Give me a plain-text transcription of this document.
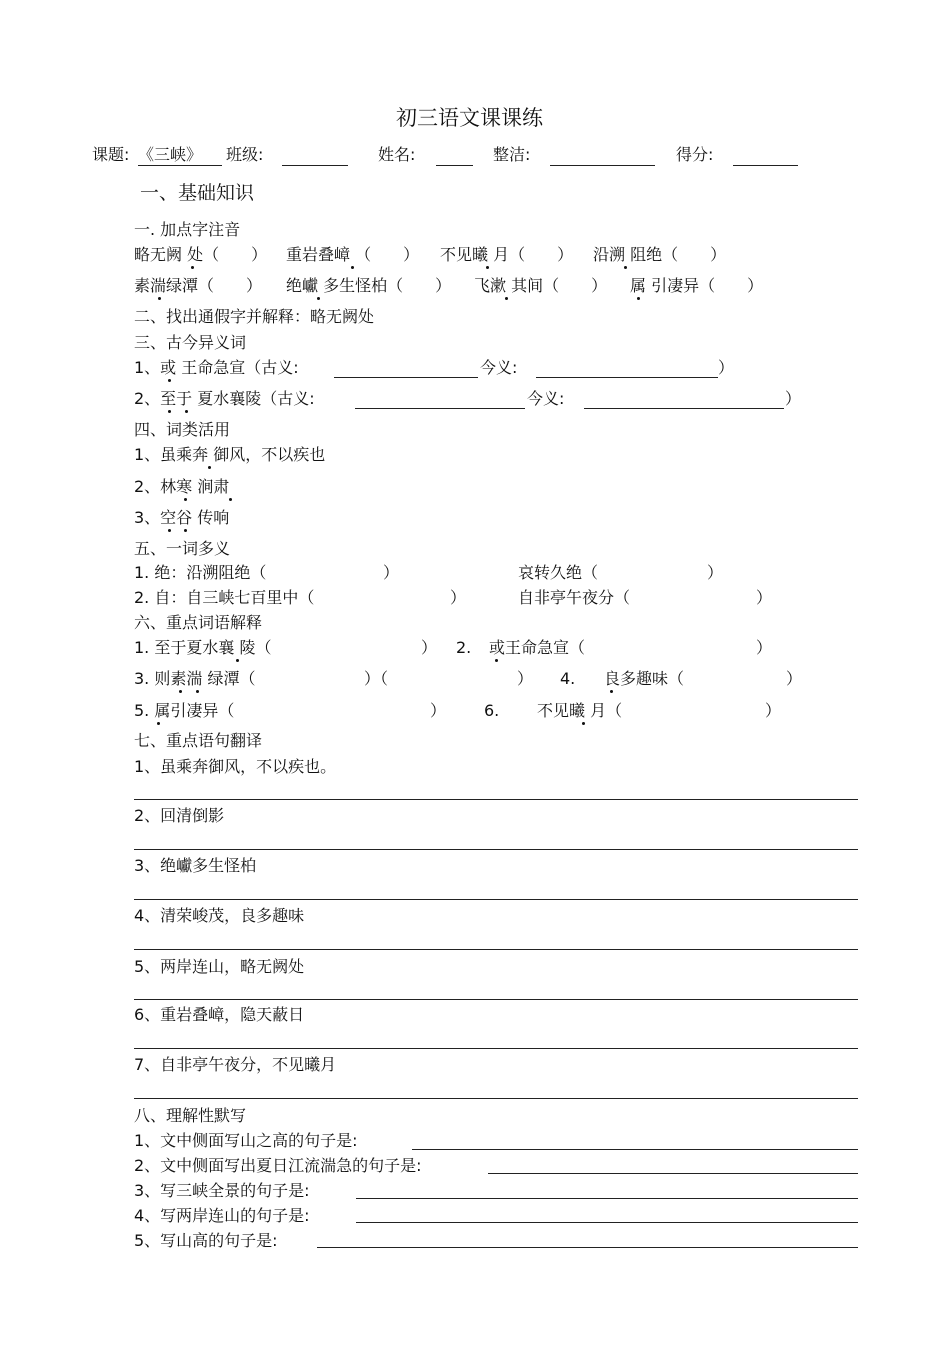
初三语文课课练
课题: 《三峡》 班级:	姓名:	整洁:	得分:
一、基础知识
一. 加点字注音
略无阙 处（　　） 重岩叠嶂 （　　） 不见曦 月（　　） 沿溯 阻绝（　　）
素湍绿潭（　　） 绝巘 多生怪柏（　　） 飞漱 其间（　　） 属 引凄异（　　）
二、找出通假字并解释：略无阙处
三、古今异义词
1、或 王命急宣（古义:	今义:	）
2、至于 夏水襄陵（古义:	今义:	）
四、词类活用
1、虽乘奔 御风，不以疾也
2、林寒 涧肃
3、空谷 传响
五、一词多义
1. 绝：沿溯阻绝（	）	哀转久绝（	）
2. 自：自三峡七百里中（	）	自非亭午夜分（	）
六、重点词语解释
1. 至于夏水襄 陵（	） 2. 或王命急宣（	）
3. 则素湍 绿潭（	）（	） 4. 良多趣味（	）
5. 属引凄异（	） 6. 不见曦 月（	）
七、重点语句翻译
1、虽乘奔御风，不以疾也。
2、回清倒影
3、绝巘多生怪柏
4、清荣峻茂，良多趣味
5、两岸连山，略无阙处
6、重岩叠嶂，隐天蔽日
7、自非亭午夜分，不见曦月
八、理解性默写
1、文中侧面写山之高的句子是:
2、文中侧面写出夏日江流湍急的句子是:
3、写三峡全景的句子是:
4、写两岸连山的句子是:
5、写山高的句子是:
